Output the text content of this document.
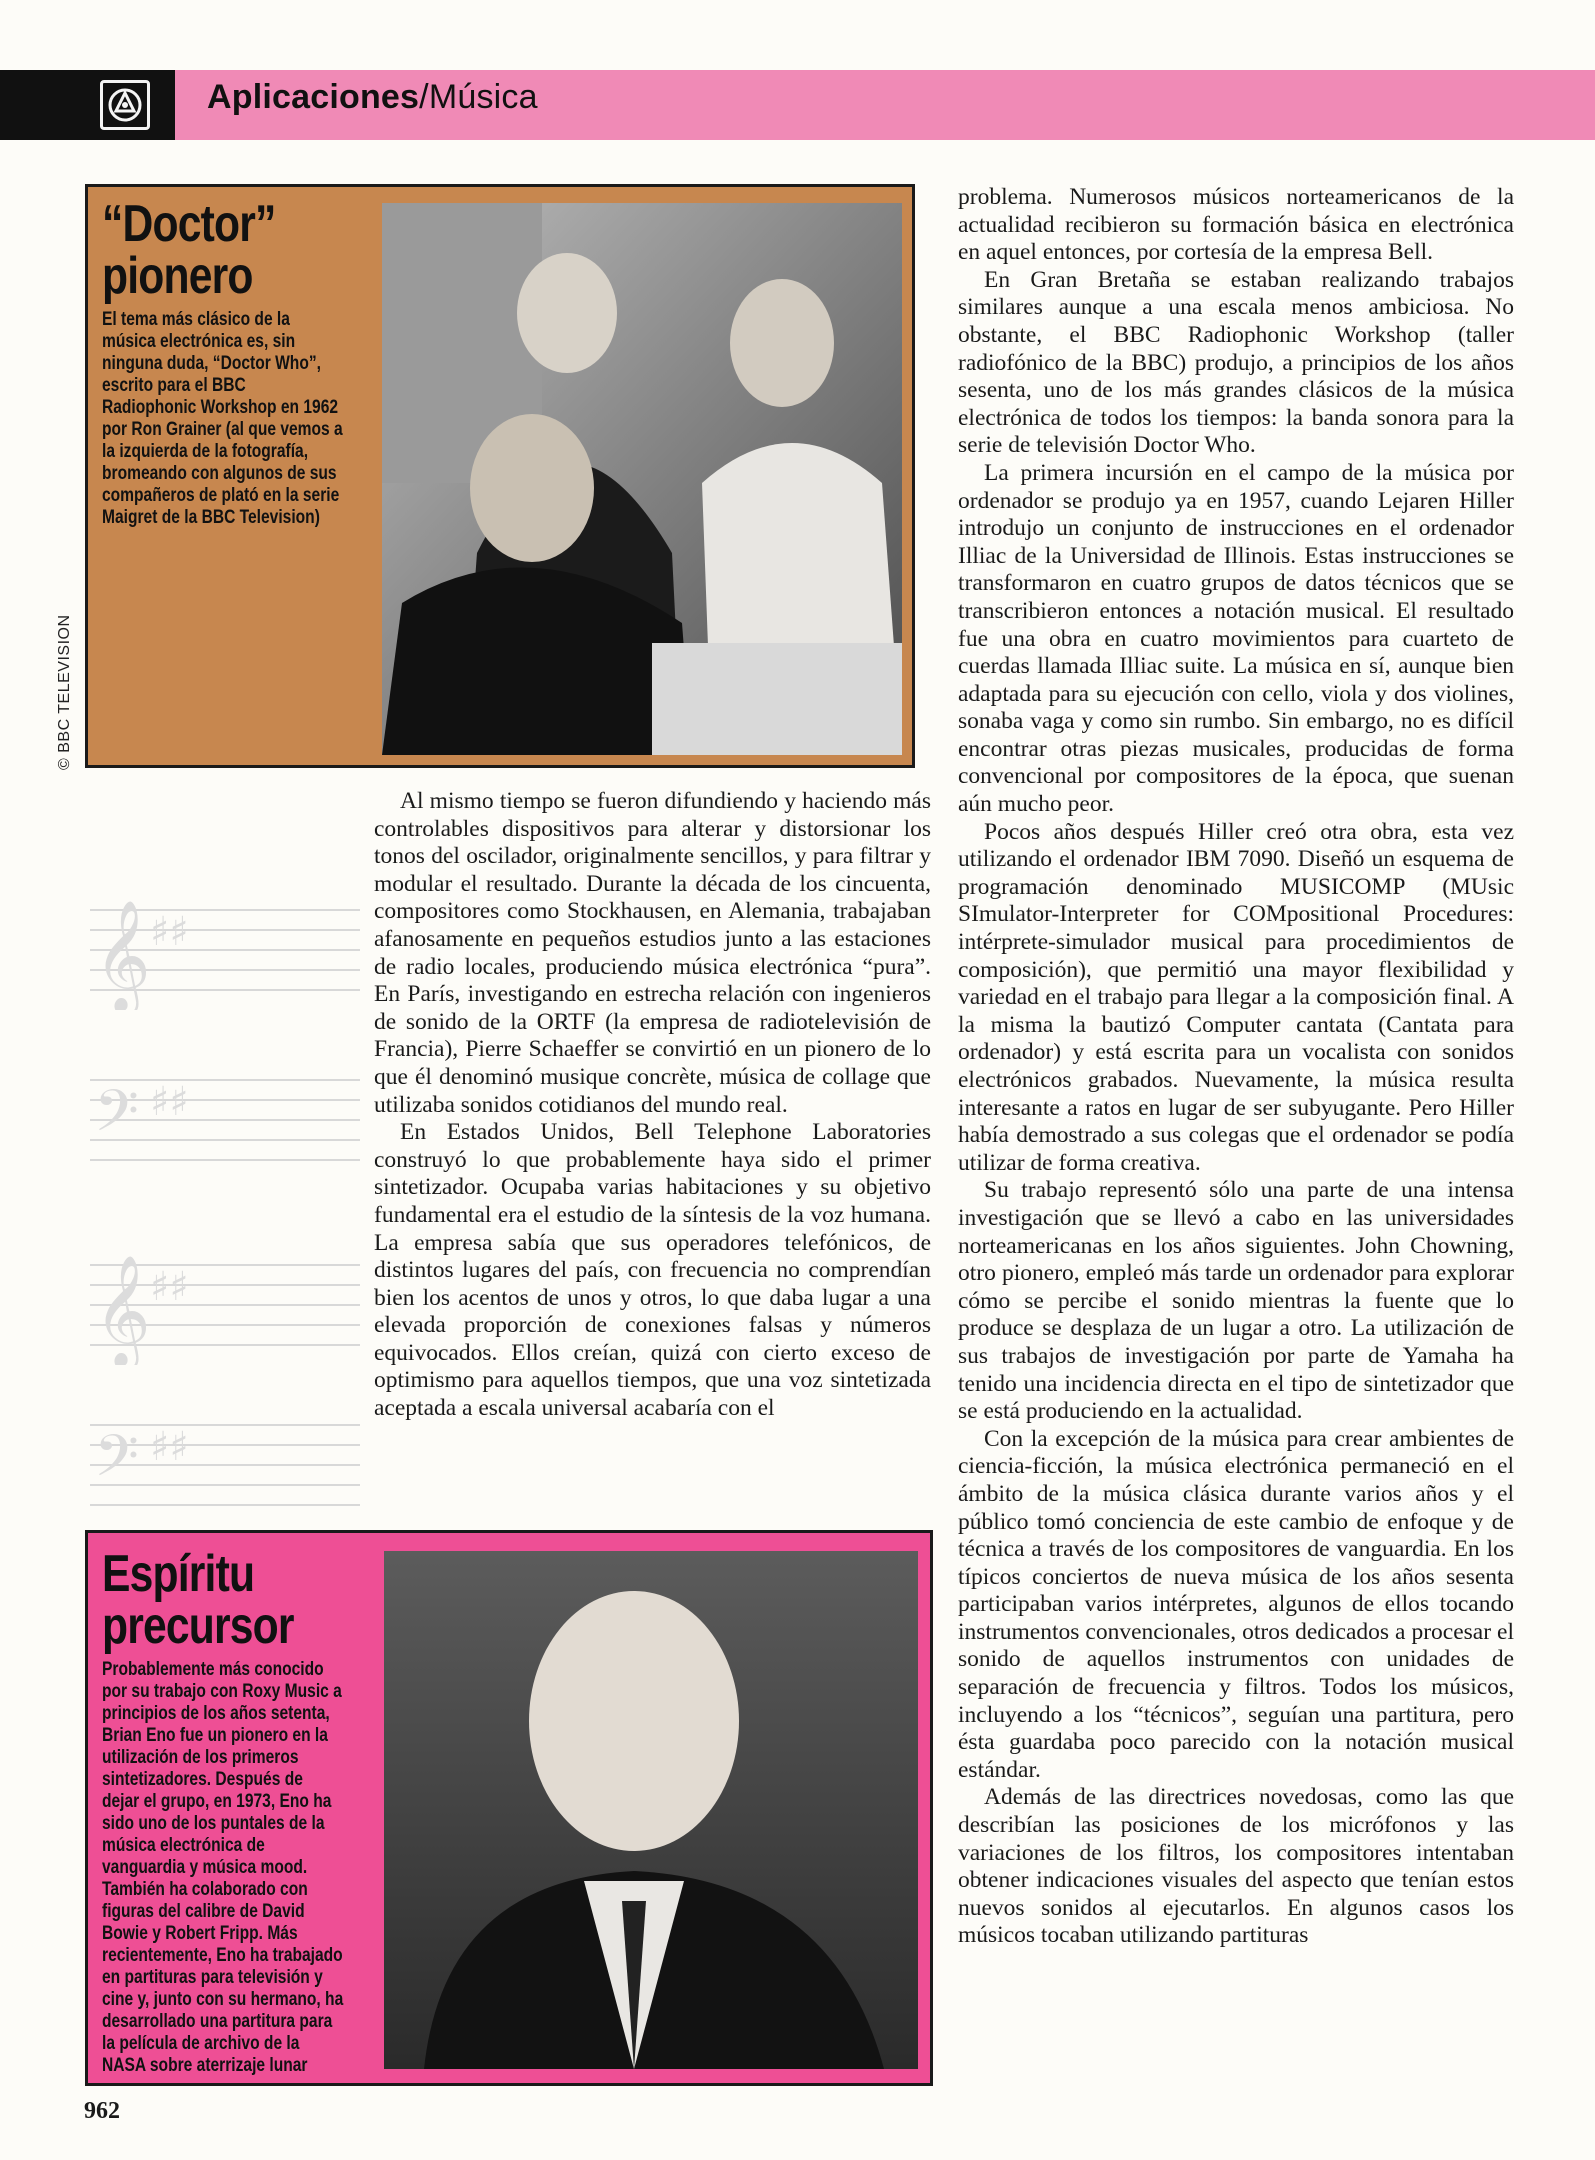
Aplicaciones/Música
© BBC TELEVISION
“Doctor”
pionero
El tema más clásico de la música electrónica es, sin ninguna duda, “Doctor Who”, escrito para el BBC Radiophonic Workshop en 1962 por Ron Grainer (al que vemos a la izquierda de la fotografía, bromeando con algunos de sus compañeros de plató en la serie Maigret de la BBC Television)
Espíritu
precursor
Probablemente más conocido por su trabajo con Roxy Music a principios de los años setenta, Brian Eno fue un pionero en la utilización de los primeros sintetizadores. Después de dejar el grupo, en 1973, Eno ha sido uno de los puntales de la música electrónica de vanguardia y música mood. También ha colaborado con figuras del calibre de David Bowie y Robert Fripp. Más recientemente, Eno ha trabajado en partituras para televisión y cine y, junto con su hermano, ha desarrollado una partitura para la película de archivo de la NASA sobre aterrizaje lunar
𝄞 ♯♯
𝄢 ♯♯
𝄞 ♯♯
𝄢 ♯♯

Al mismo tiempo se fueron difundiendo y haciendo más controlables dispositivos para alterar y distorsionar los tonos del oscilador, originalmente sencillos, y para filtrar y modular el resultado. Durante la década de los cincuenta, compositores como Stockhausen, en Alemania, trabajaban afanosamente en pequeños estudios junto a las estaciones de radio locales, produciendo música electrónica “pura”. En París, investigando en estrecha relación con ingenieros de sonido de la ORTF (la empresa de radiotelevisión de Francia), Pierre Schaeffer se convirtió en un pionero de lo que él denominó musique concrète, música de collage que utilizaba sonidos cotidianos del mundo real.

En Estados Unidos, Bell Telephone Laboratories construyó lo que probablemente haya sido el primer sintetizador. Ocupaba varias habitaciones y su objetivo fundamental era el estudio de la síntesis de la voz humana. La empresa sabía que sus operadores telefónicos, de distintos lugares del país, con frecuencia no comprendían bien los acentos de unos y otros, lo que daba lugar a una elevada proporción de conexiones falsas y números equivocados. Ellos creían, quizá con cierto exceso de optimismo para aquellos tiempos, que una voz sintetizada aceptada a escala universal acabaría con el

problema. Numerosos músicos norteamericanos de la actualidad recibieron su formación básica en electrónica en aquel entonces, por cortesía de la empresa Bell.

En Gran Bretaña se estaban realizando trabajos similares aunque a una escala menos ambiciosa. No obstante, el BBC Radiophonic Workshop (taller radiofónico de la BBC) produjo, a principios de los años sesenta, uno de los más grandes clásicos de la música electrónica de todos los tiempos: la banda sonora para la serie de televisión Doctor Who.

La primera incursión en el campo de la música por ordenador se produjo ya en 1957, cuando Lejaren Hiller introdujo un conjunto de instrucciones en el ordenador Illiac de la Universidad de Illinois. Estas instrucciones se transformaron en cuatro grupos de datos técnicos que se transcribieron entonces a notación musical. El resultado fue una obra en cuatro movimientos para cuarteto de cuerdas llamada Illiac suite. La música en sí, aunque bien adaptada para su ejecución con cello, viola y dos violines, sonaba vaga y como sin rumbo. Sin embargo, no es difícil encontrar otras piezas musicales, producidas de forma convencional por compositores de la época, que suenan aún mucho peor.

Pocos años después Hiller creó otra obra, esta vez utilizando el ordenador IBM 7090. Diseñó un esquema de programación denominado MUSICOMP (MUsic SImulator-Interpreter for COMpositional Procedures: intérprete-simulador musical para procedimientos de composición), que permitió una mayor flexibilidad y variedad en el trabajo para llegar a la composición final. A la misma la bautizó Computer cantata (Cantata para ordenador) y está escrita para un vocalista con sonidos electrónicos grabados. Nuevamente, la música resulta interesante a ratos en lugar de ser subyugante. Pero Hiller había demostrado a sus colegas que el ordenador se podía utilizar de forma creativa.

Su trabajo representó sólo una parte de una intensa investigación que se llevó a cabo en las universidades norteamericanas en los años siguientes. John Chowning, otro pionero, empleó más tarde un ordenador para explorar cómo se percibe el sonido mientras la fuente que lo produce se desplaza de un lugar a otro. La utilización de sus trabajos de investigación por parte de Yamaha ha tenido una incidencia directa en el tipo de sintetizador que se está produciendo en la actualidad.

Con la excepción de la música para crear ambientes de ciencia-ficción, la música electrónica permaneció en el ámbito de la música clásica durante varios años y el público tomó conciencia de este cambio de enfoque y de técnica a través de los compositores de vanguardia. En los típicos conciertos de nueva música de los años sesenta participaban varios intérpretes, algunos de ellos tocando instrumentos convencionales, otros dedicados a procesar el sonido de aquellos instrumentos con unidades de separación de frecuencia y filtros. Todos los músicos, incluyendo a los “técnicos”, seguían una partitura, pero ésta guardaba poco parecido con la notación musical estándar.

Además de las directrices novedosas, como las que describían las posiciones de los micrófonos y las variaciones de los filtros, los compositores intentaban obtener indicaciones visuales del aspecto que tenían estos nuevos sonidos al ejecutarlos. En algunos casos los músicos tocaban utilizando partituras

962
